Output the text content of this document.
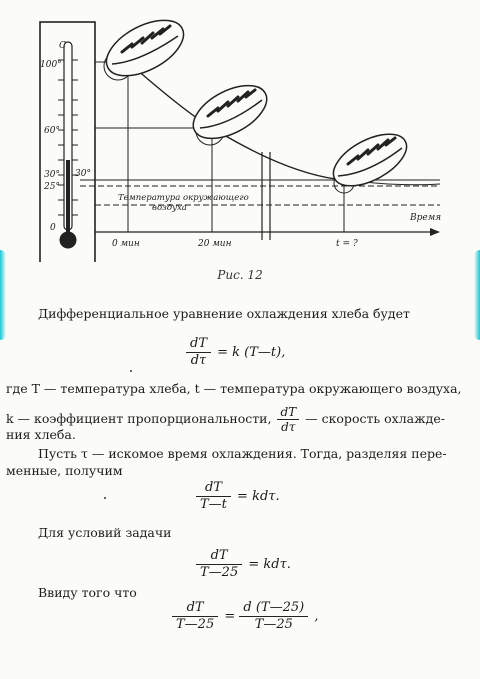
C
100°
60°
30°
25°
0
30°
Время
0 мин	20 мин	t = ?
Температура окружающего
воздуха
Рис. 12
Дифференциальное уравнение охлаждения хлеба будет
$\frac{dT}{d\tau} = k$ (T—t),
где T — температура хлеба, t — температура окружающего воздуха,
k — коэффициент пропорциональности, $\frac{dT}{d\tau}$ — скорость охлажде-
ния хлеба.
Пусть τ — искомое время охлаждения. Тогда, разделяя пере-
менные, получим
$\frac{dT}{T—t} = kd\tau$.
Для условий задачи
$\frac{dT}{T—25} = kd\tau$.
Ввиду того что
$\frac{dT}{T—25} = \frac{d (T—25)}{T—25}$ ,
